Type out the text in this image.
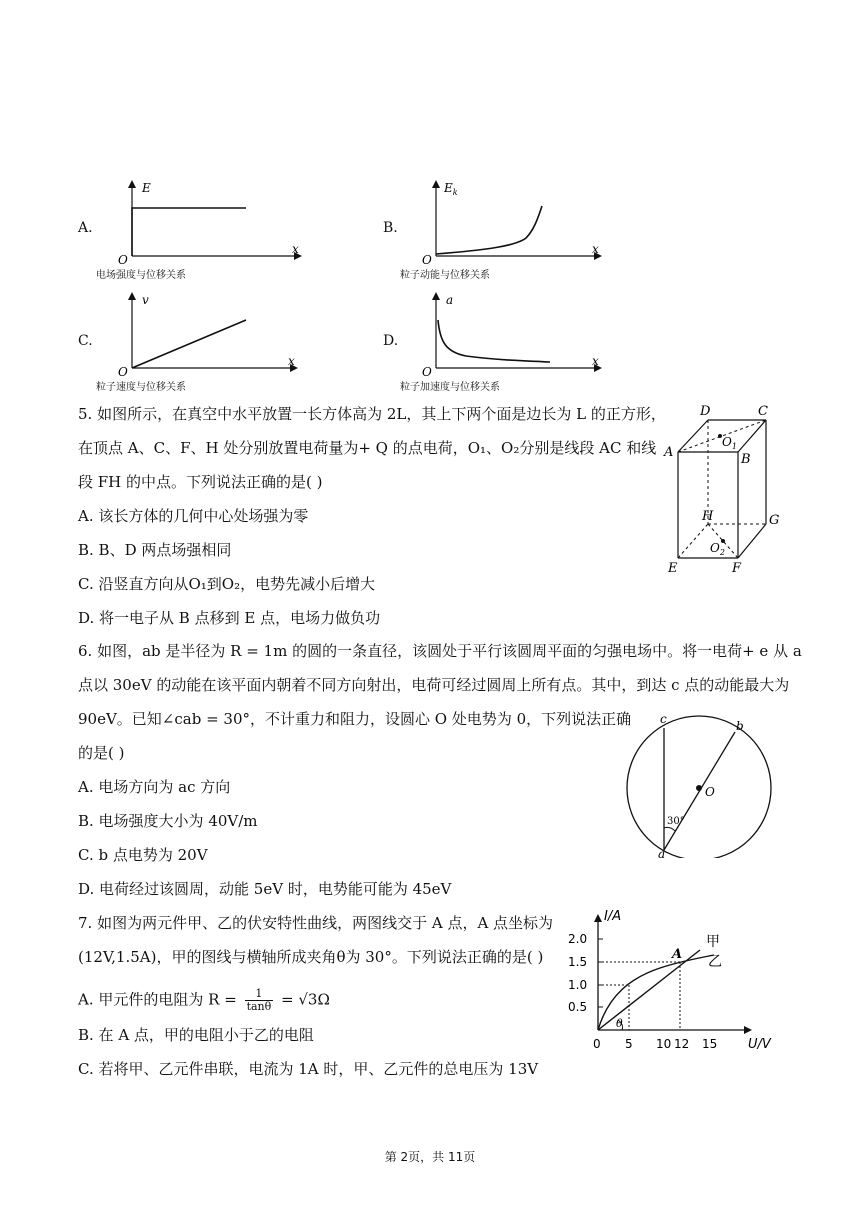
A.
E
x
O
电场强度与位移关系
B.
$E_k$
x
O
粒子动能与位移关系
C.
v
x
O
粒子速度与位移关系
D.
a
x
O
粒子加速度与位移关系
5. 如图所示，在真空中水平放置一长方体高为 2L，其上下两个面是边长为 L 的正方形，
在顶点 A、C、F、H 处分别放置电荷量为+ Q 的点电荷，O₁、O₂分别是线段 AC 和线
段 FH 的中点。下列说法正确的是( )
A. 该长方体的几何中心处场强为零
B. B、D 两点场强相同
C. 沿竖直方向从O₁到O₂，电势先减小后增大
D. 将一电子从 B 点移到 E 点，电场力做负功
A	B
C
D
E	F
G
H
$O_1$
$O_2$
6. 如图，ab 是半径为 R = 1m 的圆的一条直径，该圆处于平行该圆周平面的匀强电场中。将一电荷+ e 从 a
点以 30eV 的动能在该平面内朝着不同方向射出，电荷可经过圆周上所有点。其中，到达 c 点的动能最大为
90eV。已知∠cab = 30°，不计重力和阻力，设圆心 O 处电势为 0，下列说法正确
的是( )
A. 电场方向为 ac 方向
B. 电场强度大小为 40V/m
C. b 点电势为 20V
D. 电荷经过该圆周，动能 5eV 时，电势能可能为 45eV
c	b
a
O
30°
7. 如图为两元件甲、乙的伏安特性曲线，两图线交于 A 点，A 点坐标为
(12V,1.5A)，甲的图线与横轴所成夹角θ为 30°。下列说法正确的是( )
A. 甲元件的电阻为 $R = \frac{1}{\tan\theta} = √3\Omega$
B. 在 A 点，甲的电阻小于乙的电阻
C. 若将甲、乙元件串联，电流为 1A 时，甲、乙元件的总电压为 13V
I/A
U/V
2.0
1.5
1.0
0.5
0 5 10 12 15
A
甲
乙
θ
第 2页，共 11页
